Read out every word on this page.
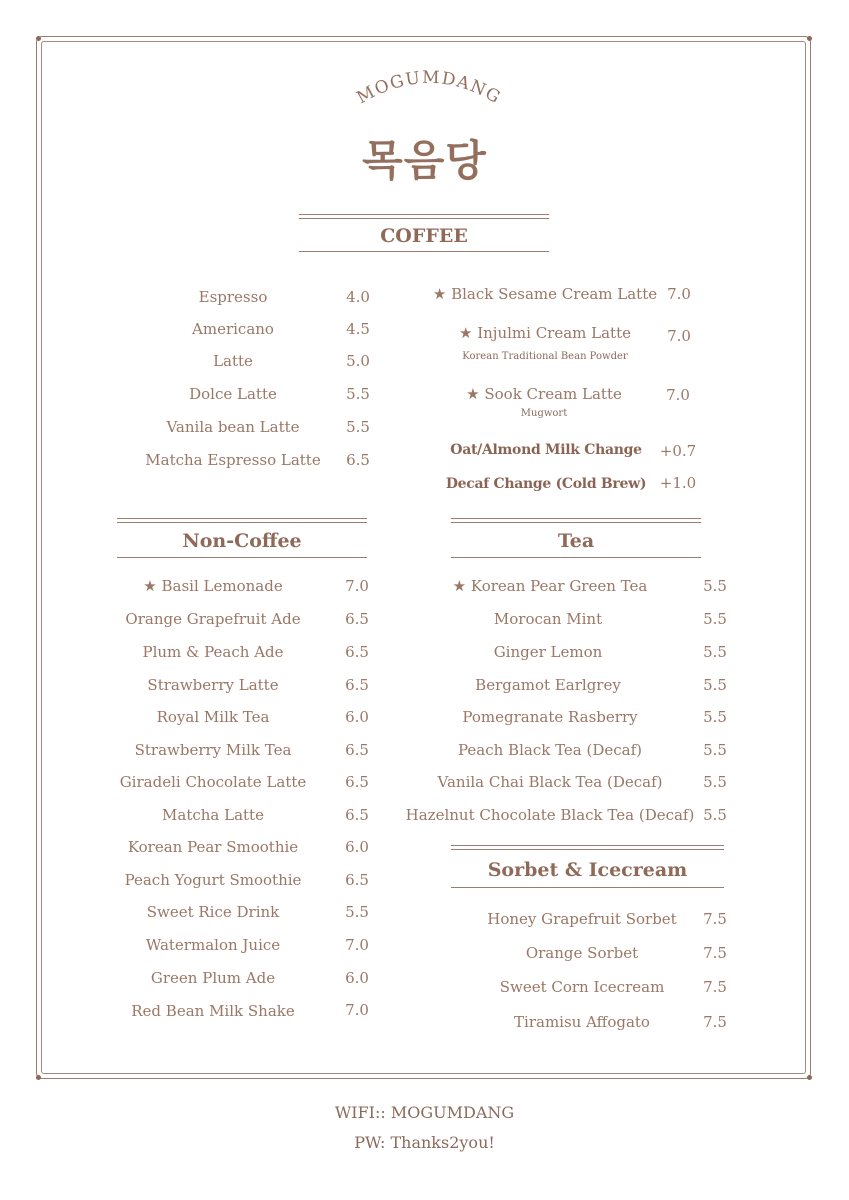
MOGUMDANG
목음당
COFFEE
Non-Coffee	Tea
Sorbet & Icecream
Espresso	4.0
Americano	4.5
Latte	5.0
Dolce Latte	5.5
Vanila bean Latte	5.5
Matcha Espresso Latte 6.5
★ Black Sesame Cream Latte 7.0
★ Injulmi Cream Latte 7.0
Korean Traditional Bean Powder
★ Sook Cream Latte	7.0
Mugwort
Oat/Almond Milk Change +0.7
Decaf Change (Cold Brew) +1.0
★ Basil Lemonade	7.0
Orange Grapefruit Ade	6.5
Plum & Peach Ade	6.5
Strawberry Latte	6.5
Royal Milk Tea	6.0
Strawberry Milk Tea	6.5
Giradeli Chocolate Latte	6.5
Matcha Latte	6.5
Korean Pear Smoothie	6.0
Peach Yogurt Smoothie	6.5
Sweet Rice Drink	5.5
Watermalon Juice	7.0
Green Plum Ade	6.0
Red Bean Milk Shake	7.0
★ Korean Pear Green Tea	5.5
Morocan Mint	5.5
Ginger Lemon	5.5
Bergamot Earlgrey	5.5
Pomegranate Rasberry	5.5
Peach Black Tea (Decaf)	5.5
Vanila Chai Black Tea (Decaf)	5.5
Hazelnut Chocolate Black Tea (Decaf) 5.5
Honey Grapefruit Sorbet 7.5
Orange Sorbet	7.5
Sweet Corn Icecream	7.5
Tiramisu Affogato	7.5
WIFI:: MOGUMDANG
PW: Thanks2you!
